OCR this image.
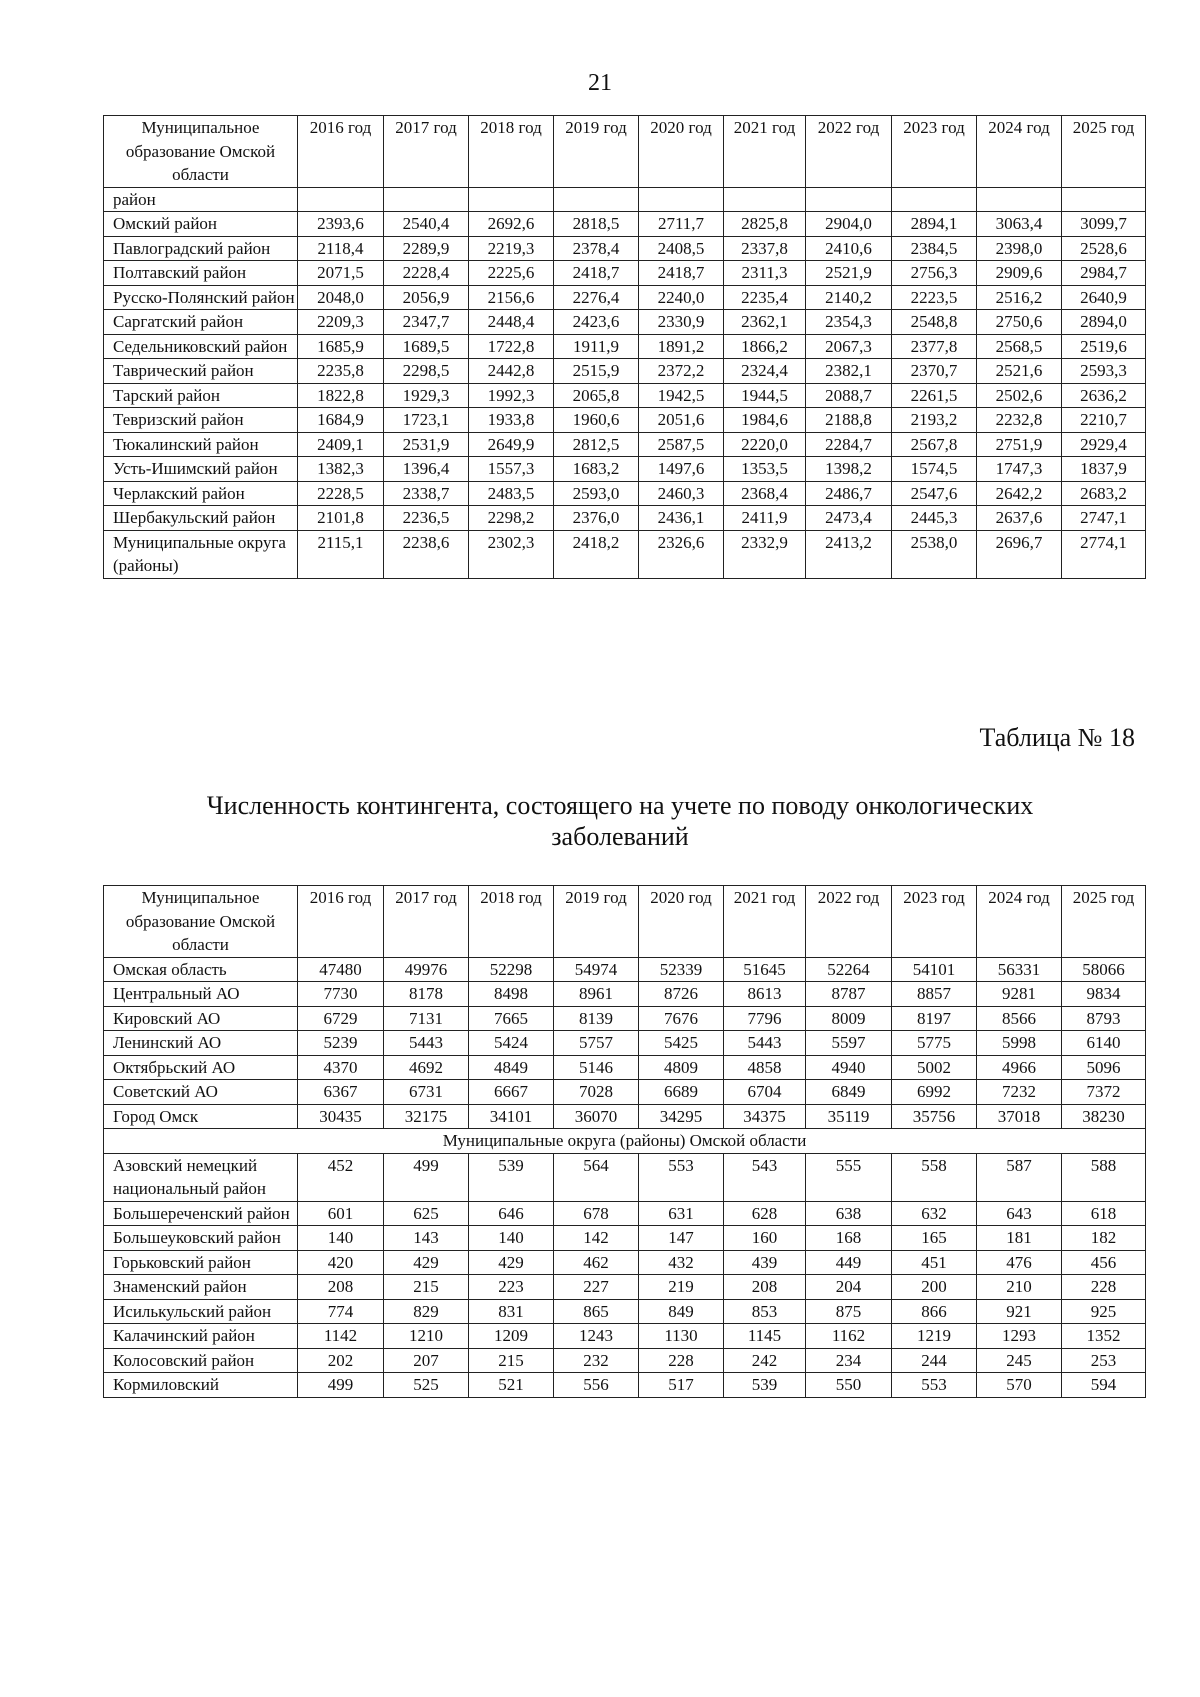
21
Муниципальное образование Омской области	2016 год	2017 год	2018 год	2019 год	2020 год	2021 год	2022 год	2023 год	2024 год	2025 год
район										
Омский район	2393,6	2540,4	2692,6	2818,5	2711,7	2825,8	2904,0	2894,1	3063,4	3099,7
Павлоградский район	2118,4	2289,9	2219,3	2378,4	2408,5	2337,8	2410,6	2384,5	2398,0	2528,6
Полтавский район	2071,5	2228,4	2225,6	2418,7	2418,7	2311,3	2521,9	2756,3	2909,6	2984,7
Русско-Полянский район	2048,0	2056,9	2156,6	2276,4	2240,0	2235,4	2140,2	2223,5	2516,2	2640,9
Саргатский район	2209,3	2347,7	2448,4	2423,6	2330,9	2362,1	2354,3	2548,8	2750,6	2894,0
Седельниковский район	1685,9	1689,5	1722,8	1911,9	1891,2	1866,2	2067,3	2377,8	2568,5	2519,6
Таврический район	2235,8	2298,5	2442,8	2515,9	2372,2	2324,4	2382,1	2370,7	2521,6	2593,3
Тарский район	1822,8	1929,3	1992,3	2065,8	1942,5	1944,5	2088,7	2261,5	2502,6	2636,2
Тевризский район	1684,9	1723,1	1933,8	1960,6	2051,6	1984,6	2188,8	2193,2	2232,8	2210,7
Тюкалинский район	2409,1	2531,9	2649,9	2812,5	2587,5	2220,0	2284,7	2567,8	2751,9	2929,4
Усть-Ишимский район	1382,3	1396,4	1557,3	1683,2	1497,6	1353,5	1398,2	1574,5	1747,3	1837,9
Черлакский район	2228,5	2338,7	2483,5	2593,0	2460,3	2368,4	2486,7	2547,6	2642,2	2683,2
Шербакульский район	2101,8	2236,5	2298,2	2376,0	2436,1	2411,9	2473,4	2445,3	2637,6	2747,1
Муниципальные округа (районы)	2115,1	2238,6	2302,3	2418,2	2326,6	2332,9	2413,2	2538,0	2696,7	2774,1
Таблица № 18
Численность контингента, состоящего на учете по поводу онкологических заболеваний
Муниципальное образование Омской области	2016 год	2017 год	2018 год	2019 год	2020 год	2021 год	2022 год	2023 год	2024 год	2025 год
Омская область	47480	49976	52298	54974	52339	51645	52264	54101	56331	58066
Центральный АО	7730	8178	8498	8961	8726	8613	8787	8857	9281	9834
Кировский АО	6729	7131	7665	8139	7676	7796	8009	8197	8566	8793
Ленинский АО	5239	5443	5424	5757	5425	5443	5597	5775	5998	6140
Октябрьский АО	4370	4692	4849	5146	4809	4858	4940	5002	4966	5096
Советский АО	6367	6731	6667	7028	6689	6704	6849	6992	7232	7372
Город Омск	30435	32175	34101	36070	34295	34375	35119	35756	37018	38230
Муниципальные округа (районы) Омской области										
Азовский немецкий национальный район	452	499	539	564	553	543	555	558	587	588
Большереченский район	601	625	646	678	631	628	638	632	643	618
Большеуковский район	140	143	140	142	147	160	168	165	181	182
Горьковский район	420	429	429	462	432	439	449	451	476	456
Знаменский район	208	215	223	227	219	208	204	200	210	228
Исилькульский район	774	829	831	865	849	853	875	866	921	925
Калачинский район	1142	1210	1209	1243	1130	1145	1162	1219	1293	1352
Колосовский район	202	207	215	232	228	242	234	244	245	253
Кормиловский	499	525	521	556	517	539	550	553	570	594
